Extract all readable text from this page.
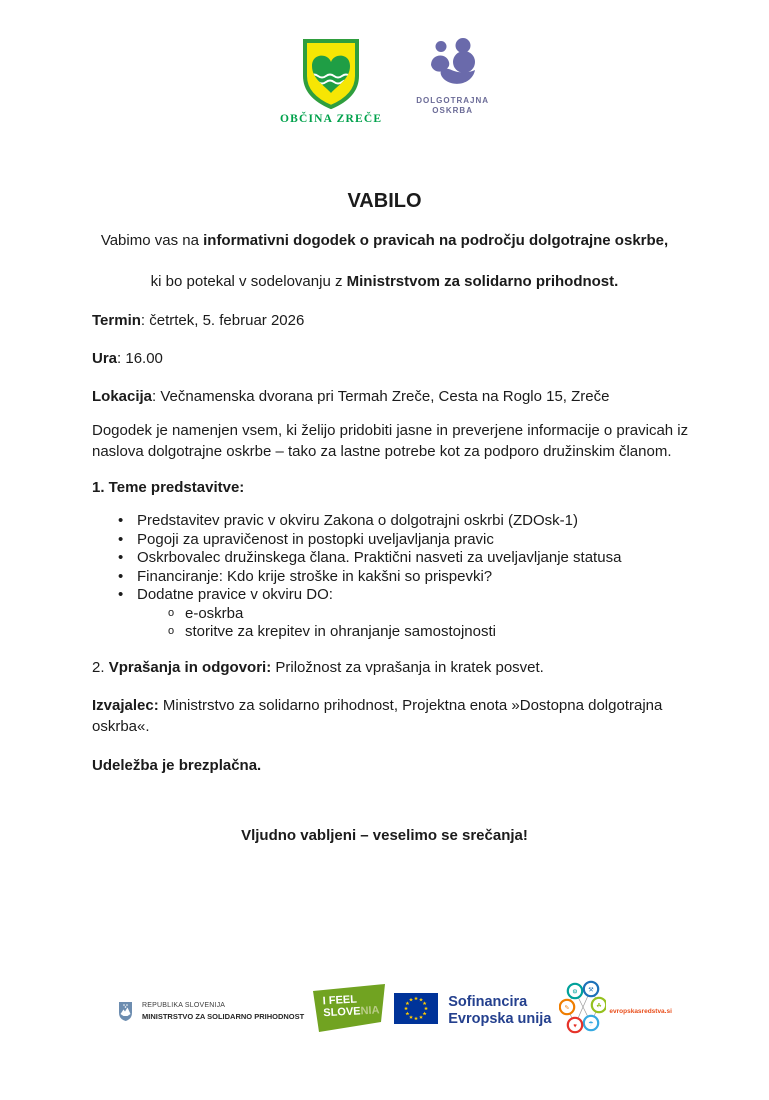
OBČINA ZREČE
DOLGOTRAJNA
OSKRBA
VABILO

Vabimo vas na informativni dogodek o pravicah na področju dolgotrajne oskrbe,

ki bo potekal v sodelovanju z Ministrstvom za solidarno prihodnost.

Termin: četrtek, 5. februar 2026

Ura: 16.00

Lokacija: Večnamenska dvorana pri Termah Zreče, Cesta na Roglo 15, Zreče

Dogodek je namenjen vsem, ki želijo pridobiti jasne in preverjene informacije o pravicah iz naslova dolgotrajne oskrbe – tako za lastne potrebe kot za podporo družinskim članom.

1. Teme predstavitve:

• Predstavitev pravic v okviru Zakona o dolgotrajni oskrbi (ZDOsk-1)
• Pogoji za upravičenost in postopki uveljavljanja pravic
• Oskrbovalec družinskega člana. Praktični nasveti za uveljavljanje statusa
• Financiranje: Kdo krije stroške in kakšni so prispevki?
• Dodatne pravice v okviru DO:
o e-oskrba
o storitve za krepitev in ohranjanje samostojnosti

2. Vprašanja in odgovori: Priložnost za vprašanja in kratek posvet.

Izvajalec: Ministrstvo za solidarno prihodnost, Projektna enota »Dostopna dolgotrajna oskrba«.

Udeležba je brezplačna.

Vljudno vabljeni – veselimo se srečanja!

REPUBLIKA SLOVENIJA
MINISTRSTVO ZA SOLIDARNO PRIHODNOST
I FEEL
SLOVENIA
Sofinancira
Evropska unija
⚙ ⚒
☘
☂
♥
✎	evropskasredstva.si
